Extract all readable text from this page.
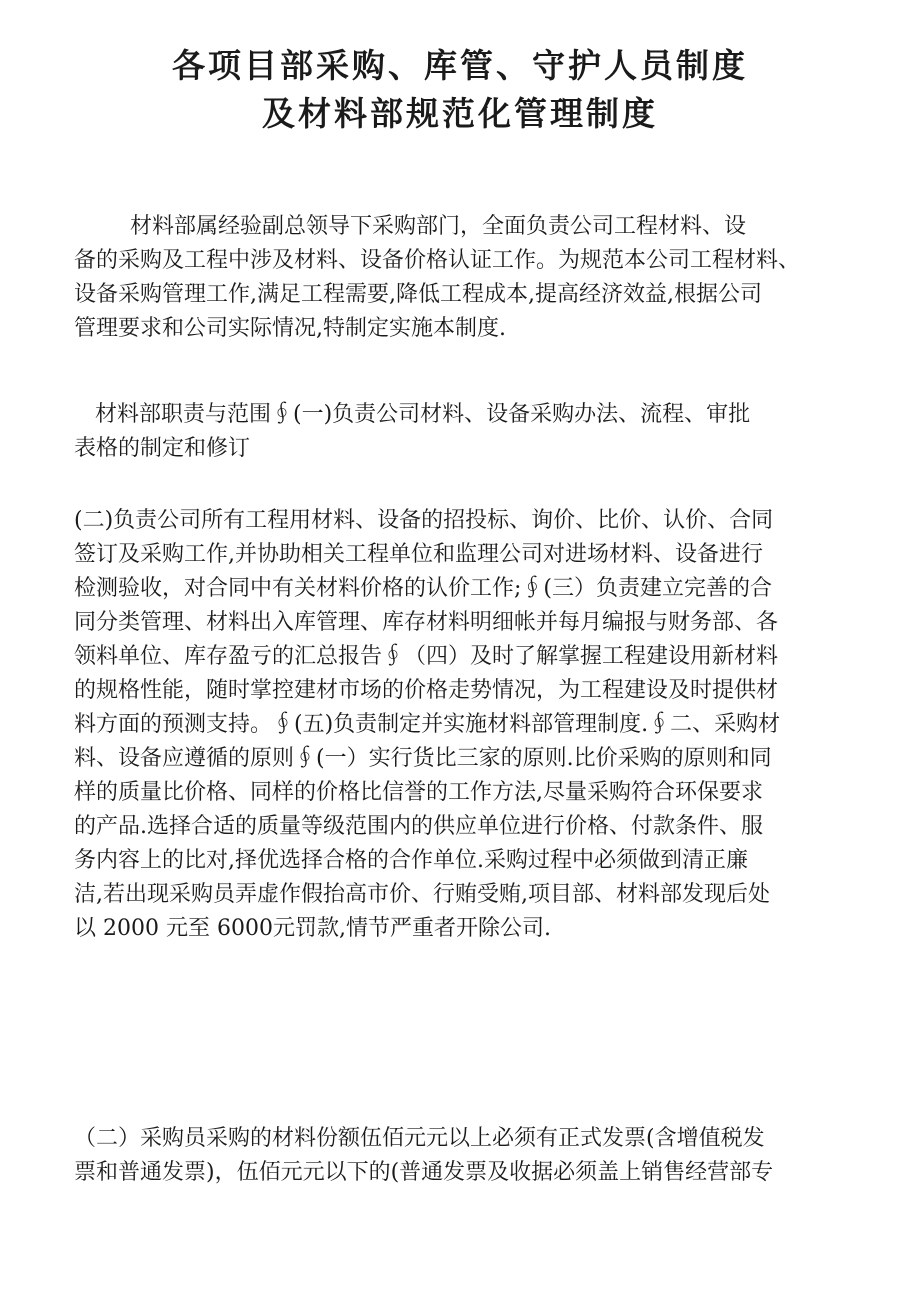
各项目部采购、库管、守护人员制度
及材料部规范化管理制度
材料部属经验副总领导下采购部门，全面负责公司工程材料、设
备的采购及工程中涉及材料、设备价格认证工作。为规范本公司工程材料、
设备采购管理工作,满足工程需要,降低工程成本,提高经济效益,根据公司
管理要求和公司实际情况,特制定实施本制度.
材料部职责与范围∮(一)负责公司材料、设备采购办法、流程、审批
表格的制定和修订
(二)负责公司所有工程用材料、设备的招投标、询价、比价、认价、合同
签订及采购工作,并协助相关工程单位和监理公司对进场材料、设备进行
检测验收，对合同中有关材料价格的认价工作;∮(三）负责建立完善的合
同分类管理、材料出入库管理、库存材料明细帐并每月编报与财务部、各
领料单位、库存盈亏的汇总报告∮（四）及时了解掌握工程建设用新材料
的规格性能，随时掌控建材市场的价格走势情况，为工程建设及时提供材
料方面的预测支持。∮(五)负责制定并实施材料部管理制度.∮二、采购材
料、设备应遵循的原则∮(一）实行货比三家的原则.比价采购的原则和同
样的质量比价格、同样的价格比信誉的工作方法,尽量采购符合环保要求
的产品.选择合适的质量等级范围内的供应单位进行价格、付款条件、服
务内容上的比对,择优选择合格的合作单位.采购过程中必须做到清正廉
洁,若出现采购员弄虚作假抬高市价、行贿受贿,项目部、材料部发现后处
以 2000 元至 6000元罚款,情节严重者开除公司.
（二）采购员采购的材料份额伍佰元元以上必须有正式发票(含增值税发
票和普通发票)，伍佰元元以下的(普通发票及收据必须盖上销售经营部专
